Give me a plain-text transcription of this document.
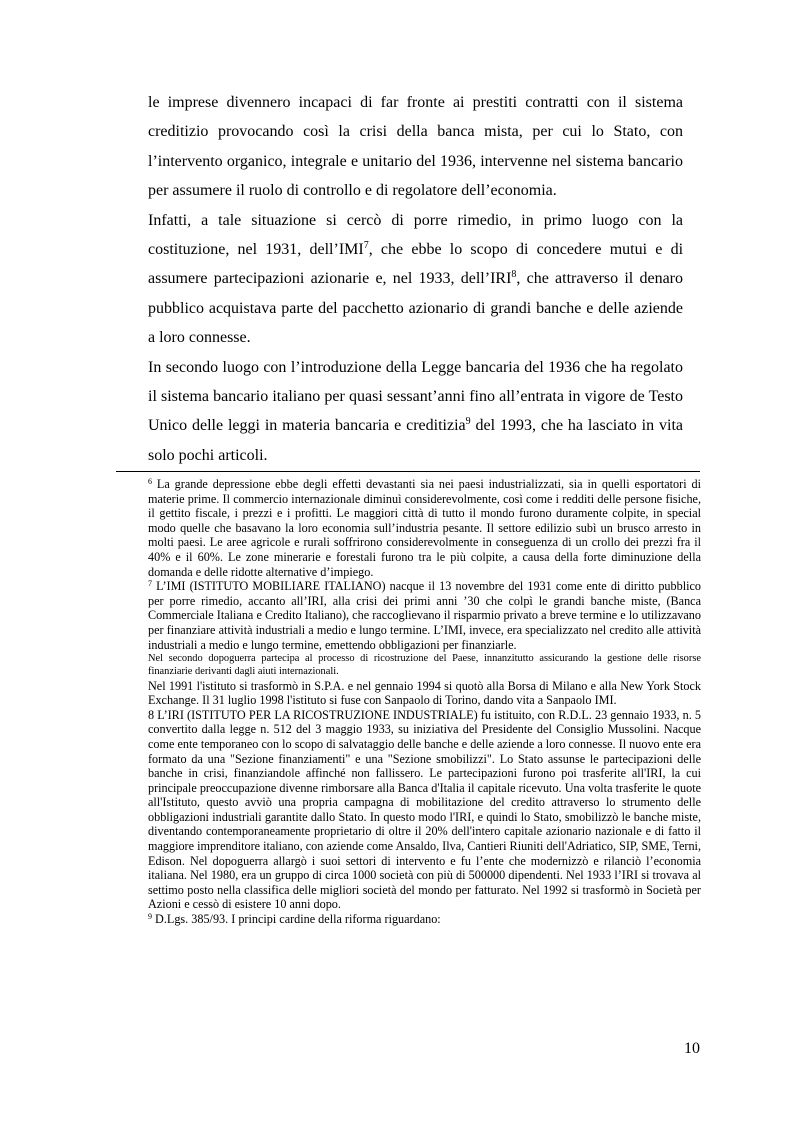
le imprese divennero incapaci di far fronte ai prestiti contratti con il sistema creditizio provocando così la crisi della banca mista, per cui lo Stato, con l’intervento organico, integrale e unitario del 1936, intervenne nel sistema bancario per assumere il ruolo di controllo e di regolatore dell’economia.

Infatti, a tale situazione si cercò di porre rimedio, in primo luogo con la costituzione, nel 1931, dell’IMI$^7$, che ebbe lo scopo di concedere mutui e di assumere partecipazioni azionarie e, nel 1933, dell’IRI$^8$, che attraverso il denaro pubblico acquistava parte del pacchetto azionario di grandi banche e delle aziende a loro connesse.

In secondo luogo con l’introduzione della Legge bancaria del 1936 che ha regolato il sistema bancario italiano per quasi sessant’anni fino all’entrata in vigore de Testo Unico delle leggi in materia bancaria e creditizia$^9$ del 1993, che ha lasciato in vita solo pochi articoli.

$^6$ La grande depressione ebbe degli effetti devastanti sia nei paesi industrializzati, sia in quelli esportatori di materie prime. Il commercio internazionale diminuì considerevolmente, così come i redditi delle persone fisiche, il gettito fiscale, i prezzi e i profitti. Le maggiori città di tutto il mondo furono duramente colpite, in special modo quelle che basavano la loro economia sull’industria pesante. Il settore edilizio subì un brusco arresto in molti paesi. Le aree agricole e rurali soffrirono considerevolmente in conseguenza di un crollo dei prezzi fra il 40% e il 60%. Le zone minerarie e forestali furono tra le più colpite, a causa della forte diminuzione della domanda e delle ridotte alternative d’impiego.

$^7$ L’IMI (ISTITUTO MOBILIARE ITALIANO) nacque il 13 novembre del 1931 come ente di diritto pubblico per porre rimedio, accanto all’IRI, alla crisi dei primi anni ’30 che colpì le grandi banche miste, (Banca Commerciale Italiana e Credito Italiano), che raccoglievano il risparmio privato a breve termine e lo utilizzavano per finanziare attività industriali a medio e lungo termine. L’IMI, invece, era specializzato nel credito alle attività industriali a medio e lungo termine, emettendo obbligazioni per finanziarle.

Nel secondo dopoguerra partecipa al processo di ricostruzione del Paese, innanzitutto assicurando la gestione delle risorse finanziarie derivanti dagli aiuti internazionali.

Nel 1991 l'istituto si trasformò in S.P.A. e nel gennaio 1994 si quotò alla Borsa di Milano e alla New York Stock Exchange. Il 31 luglio 1998 l'istituto si fuse con Sanpaolo di Torino, dando vita a Sanpaolo IMI.

8 L’IRI (ISTITUTO PER LA RICOSTRUZIONE INDUSTRIALE) fu istituito, con R.D.L. 23 gennaio 1933, n. 5 convertito dalla legge n. 512 del 3 maggio 1933, su iniziativa del Presidente del Consiglio Mussolini. Nacque come ente temporaneo con lo scopo di salvataggio delle banche e delle aziende a loro connesse. Il nuovo ente era formato da una "Sezione finanziamenti" e una "Sezione smobilizzi". Lo Stato assunse le partecipazioni delle banche in crisi, finanziandole affinché non fallissero. Le partecipazioni furono poi trasferite all'IRI, la cui principale preoccupazione divenne rimborsare alla Banca d'Italia il capitale ricevuto. Una volta trasferite le quote all'Istituto, questo avviò una propria campagna di mobilitazione del credito attraverso lo strumento delle obbligazioni industriali garantite dallo Stato. In questo modo l'IRI, e quindi lo Stato, smobilizzò le banche miste, diventando contemporaneamente proprietario di oltre il 20% dell'intero capitale azionario nazionale e di fatto il maggiore imprenditore italiano, con aziende come Ansaldo, Ilva, Cantieri Riuniti dell'Adriatico, SIP, SME, Terni, Edison. Nel dopoguerra allargò i suoi settori di intervento e fu l’ente che modernizzò e rilanciò l’economia italiana. Nel 1980, era un gruppo di circa 1000 società con più di 500000 dipendenti. Nel 1933 l’IRI si trovava al settimo posto nella classifica delle migliori società del mondo per fatturato. Nel 1992 si trasformò in Società per Azioni e cessò di esistere 10 anni dopo.

$^9$ D.Lgs. 385/93. I principi cardine della riforma riguardano:

10
